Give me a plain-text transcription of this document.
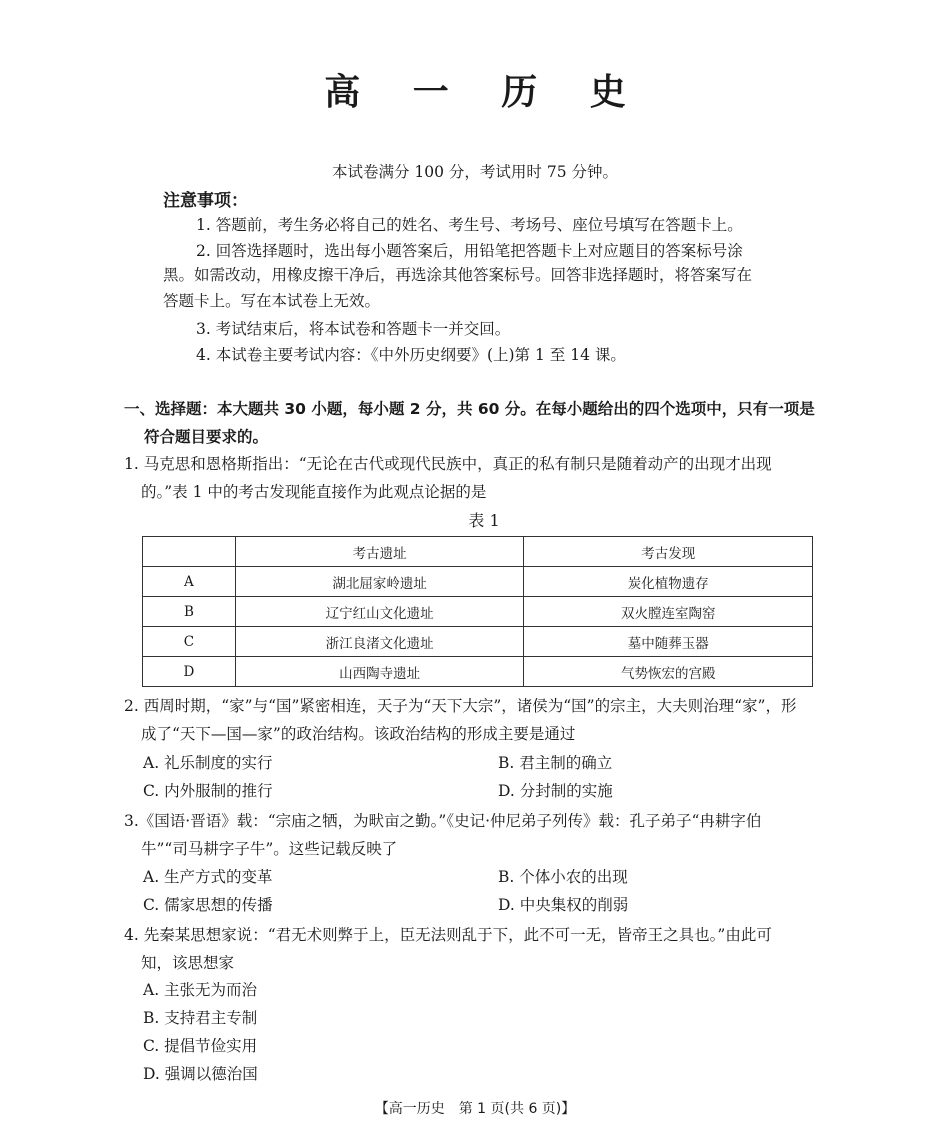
高 一 历 史
本试卷满分 100 分，考试用时 75 分钟。
注意事项：
1. 答题前，考生务必将自己的姓名、考生号、考场号、座位号填写在答题卡上。
2. 回答选择题时，选出每小题答案后，用铅笔把答题卡上对应题目的答案标号涂
黑。如需改动，用橡皮擦干净后，再选涂其他答案标号。回答非选择题时，将答案写在
答题卡上。写在本试卷上无效。
3. 考试结束后，将本试卷和答题卡一并交回。
4. 本试卷主要考试内容：《中外历史纲要》(上)第 1 至 14 课。
一、选择题：本大题共 30 小题，每小题 2 分，共 60 分。在每小题给出的四个选项中，只有一项是
符合题目要求的。
1. 马克思和恩格斯指出：“无论在古代或现代民族中，真正的私有制只是随着动产的出现才出现
的。”表 1 中的考古发现能直接作为此观点论据的是
表 1
	考古遗址	考古发现
A	湖北屈家岭遗址	炭化植物遗存
B	辽宁红山文化遗址	双火膛连室陶窑
C	浙江良渚文化遗址	墓中随葬玉器
D	山西陶寺遗址	气势恢宏的宫殿
2. 西周时期，“家”与“国”紧密相连，天子为“天下大宗”，诸侯为“国”的宗主，大夫则治理“家”，形
成了“天下—国—家”的政治结构。该政治结构的形成主要是通过
A. 礼乐制度的实行	B. 君主制的确立
C. 内外服制的推行	D. 分封制的实施
3.《国语·晋语》载：“宗庙之牺，为畎亩之勤。”《史记·仲尼弟子列传》载：孔子弟子“冉耕字伯
牛”“司马耕字子牛”。这些记载反映了
A. 生产方式的变革	B. 个体小农的出现
C. 儒家思想的传播	D. 中央集权的削弱
4. 先秦某思想家说：“君无术则弊于上，臣无法则乱于下，此不可一无，皆帝王之具也。”由此可
知，该思想家
A. 主张无为而治
B. 支持君主专制
C. 提倡节俭实用
D. 强调以德治国
【高一历史　第 1 页(共 6 页)】
